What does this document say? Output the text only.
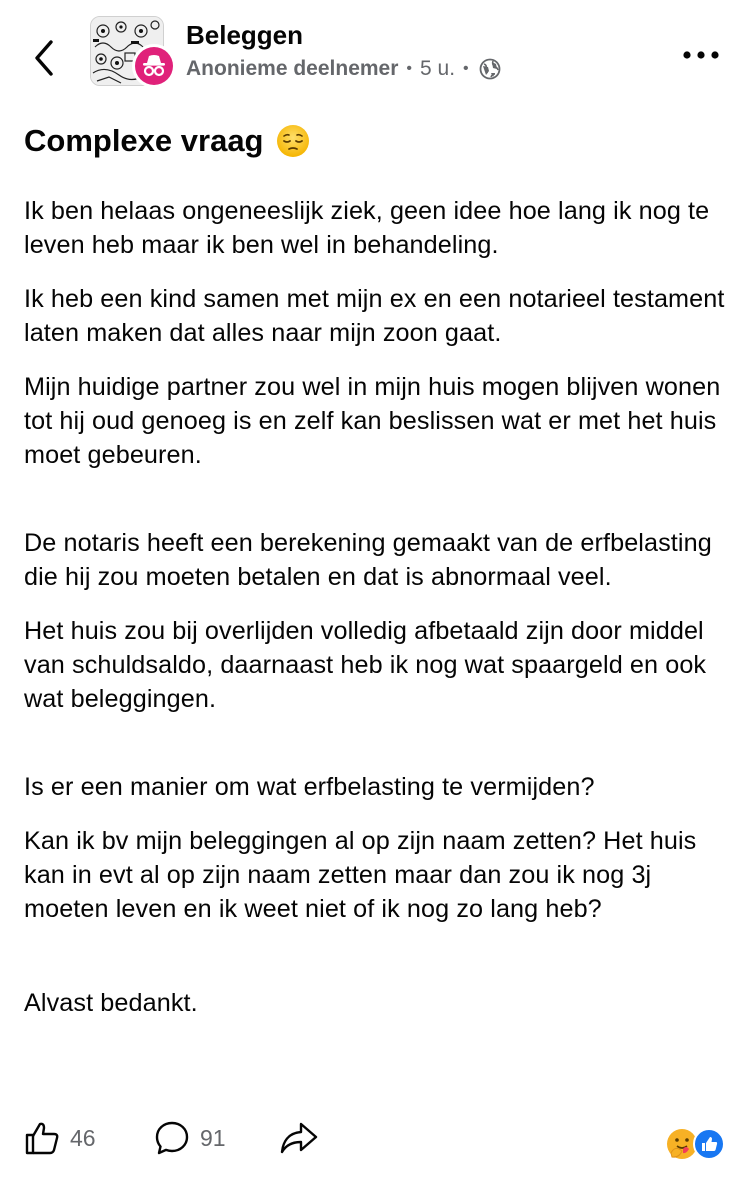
Beleggen
Anonieme deelnemer • 5 u. •
Complexe vraag

Ik ben helaas ongeneeslijk ziek, geen idee hoe lang ik nog te leven heb maar ik ben wel in behandeling.

Ik heb een kind samen met mijn ex en een notarieel testament laten maken dat alles naar mijn zoon gaat.

Mijn huidige partner zou wel in mijn huis mogen blijven wonen tot hij oud genoeg is en zelf kan beslissen wat er met het huis moet gebeuren.

De notaris heeft een berekening gemaakt van de erfbelasting die hij zou moeten betalen en dat is abnormaal veel.

Het huis zou bij overlijden volledig afbetaald zijn door middel van schuldsaldo, daarnaast heb ik nog wat spaargeld en ook wat beleggingen.

Is er een manier om wat erfbelasting te vermijden?

Kan ik bv mijn beleggingen al op zijn naam zetten? Het huis kan in evt al op zijn naam zetten maar dan zou ik nog 3j moeten leven en ik weet niet of ik nog zo lang heb?

Alvast bedankt.

46	91
